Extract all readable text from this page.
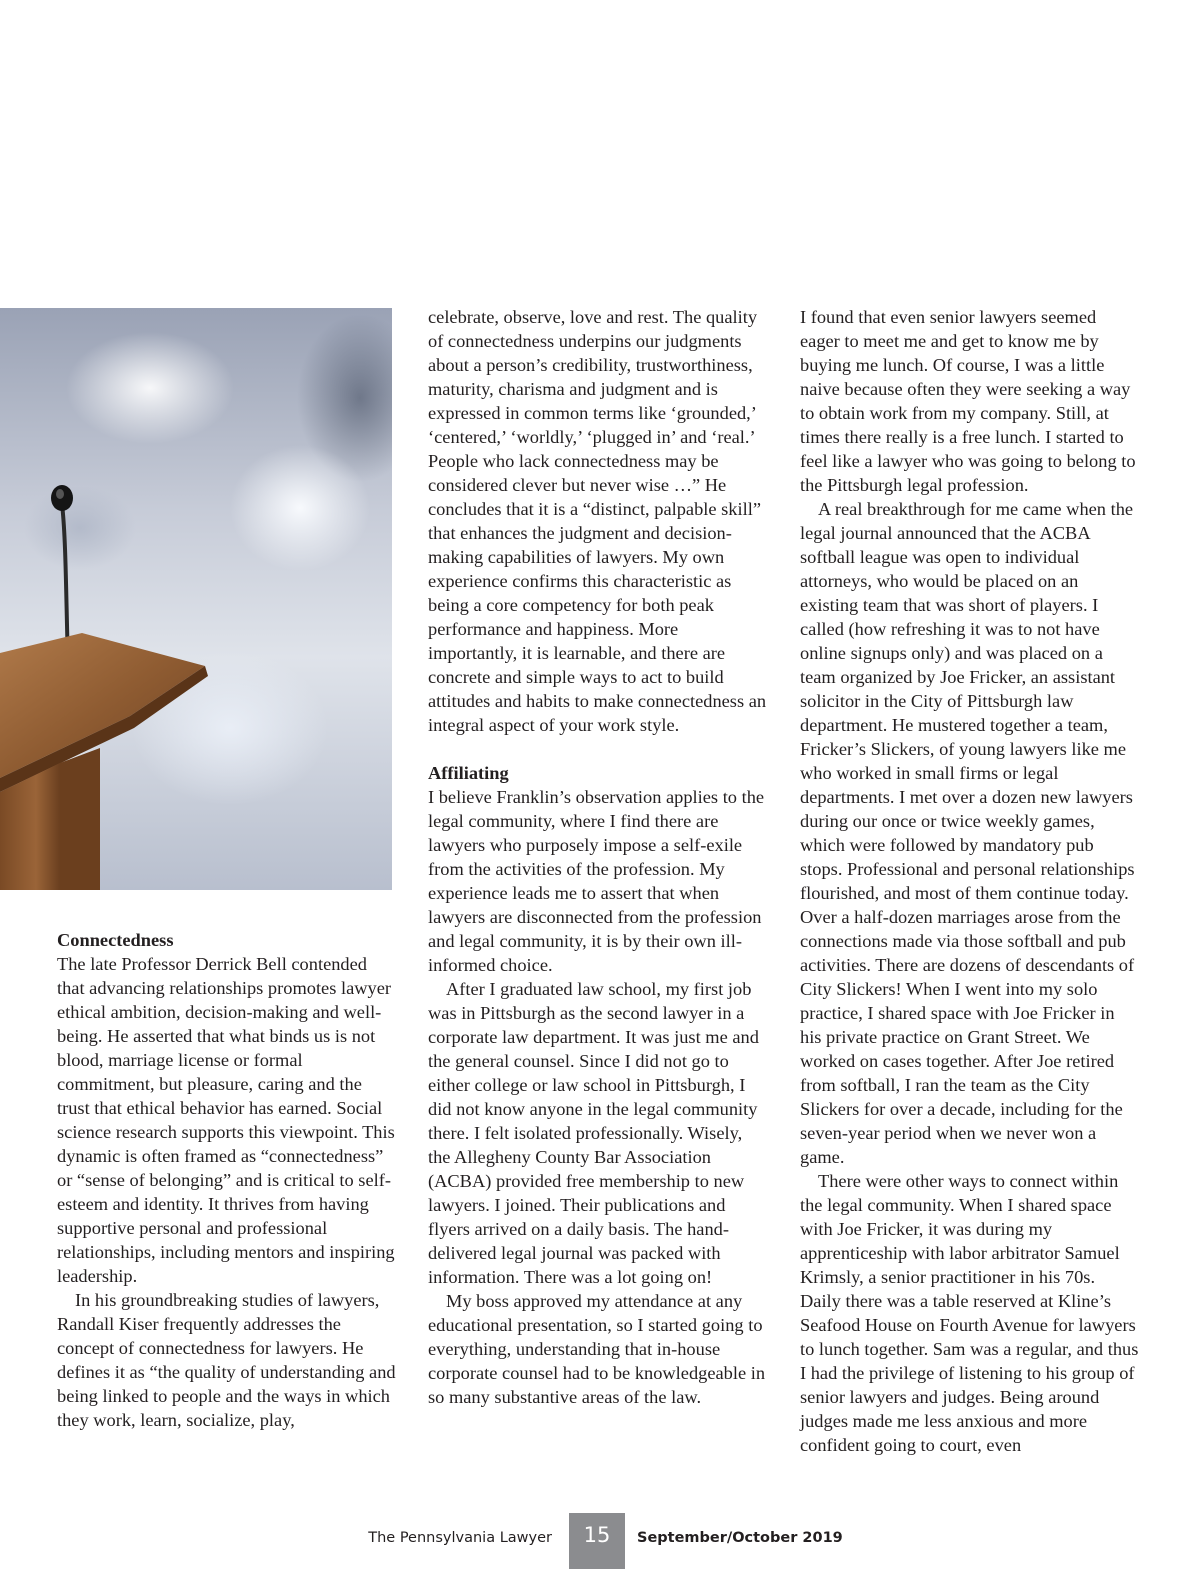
Connectedness

The late Professor Derrick Bell contended that advancing relationships promotes lawyer ethical ambition, decision-making and well-being. He asserted that what binds us is not blood, marriage license or formal commitment, but pleasure, caring and the trust that ethical behavior has earned. Social science research supports this viewpoint. This dynamic is often framed as “connectedness” or “sense of belonging” and is critical to self-esteem and identity. It thrives from having supportive personal and professional relationships, including mentors and inspiring leadership.

In his groundbreaking studies of lawyers, Randall Kiser frequently addresses the concept of connectedness for lawyers. He defines it as “the quality of understanding and being linked to people and the ways in which they work, learn, socialize, play,

celebrate, observe, love and rest. The quality of connectedness underpins our judgments about a person’s credibility, trustworthiness, maturity, charisma and judgment and is expressed in common terms like ‘grounded,’ ‘centered,’ ‘worldly,’ ‘plugged in’ and ‘real.’ People who lack connectedness may be considered clever but never wise …” He concludes that it is a “distinct, palpable skill” that enhances the judgment and decision-making capabilities of lawyers. My own experience confirms this characteristic as being a core competency for both peak performance and happiness. More importantly, it is learnable, and there are concrete and simple ways to act to build attitudes and habits to make connectedness an integral aspect of your work style.

Affiliating

I believe Franklin’s observation applies to the legal community, where I find there are lawyers who purposely impose a self-exile from the activities of the profession. My experience leads me to assert that when lawyers are disconnected from the profession and legal community, it is by their own ill-informed choice.

After I graduated law school, my first job was in Pittsburgh as the second lawyer in a corporate law department. It was just me and the general counsel. Since I did not go to either college or law school in Pittsburgh, I did not know anyone in the legal community there. I felt isolated professionally. Wisely, the Allegheny County Bar Association (ACBA) provided free membership to new lawyers. I joined. Their publications and flyers arrived on a daily basis. The hand-delivered legal journal was packed with information. There was a lot going on!

My boss approved my attendance at any educational presentation, so I started going to everything, understanding that in-house corporate counsel had to be knowledgeable in so many substantive areas of the law.

I found that even senior lawyers seemed eager to meet me and get to know me by buying me lunch. Of course, I was a little naive because often they were seeking a way to obtain work from my company. Still, at times there really is a free lunch. I started to feel like a lawyer who was going to belong to the Pittsburgh legal profession.

A real breakthrough for me came when the legal journal announced that the ACBA softball league was open to individual attorneys, who would be placed on an existing team that was short of players. I called (how refreshing it was to not have online signups only) and was placed on a team organized by Joe Fricker, an assistant solicitor in the City of Pittsburgh law department. He mustered together a team, Fricker’s Slickers, of young lawyers like me who worked in small firms or legal departments. I met over a dozen new lawyers during our once or twice weekly games, which were followed by mandatory pub stops. Professional and personal relationships flourished, and most of them continue today. Over a half-dozen marriages arose from the connections made via those softball and pub activities. There are dozens of descendants of City Slickers! When I went into my solo practice, I shared space with Joe Fricker in his private practice on Grant Street. We worked on cases together. After Joe retired from softball, I ran the team as the City Slickers for over a decade, including for the seven-year period when we never won a game.

There were other ways to connect within the legal community. When I shared space with Joe Fricker, it was during my apprenticeship with labor arbitrator Samuel Krimsly, a senior practitioner in his 70s. Daily there was a table reserved at Kline’s Seafood House on Fourth Avenue for lawyers to lunch together. Sam was a regular, and thus I had the privilege of listening to his group of senior lawyers and judges. Being around judges made me less anxious and more confident going to court, even

The Pennsylvania Lawyer 15 September/October 2019
